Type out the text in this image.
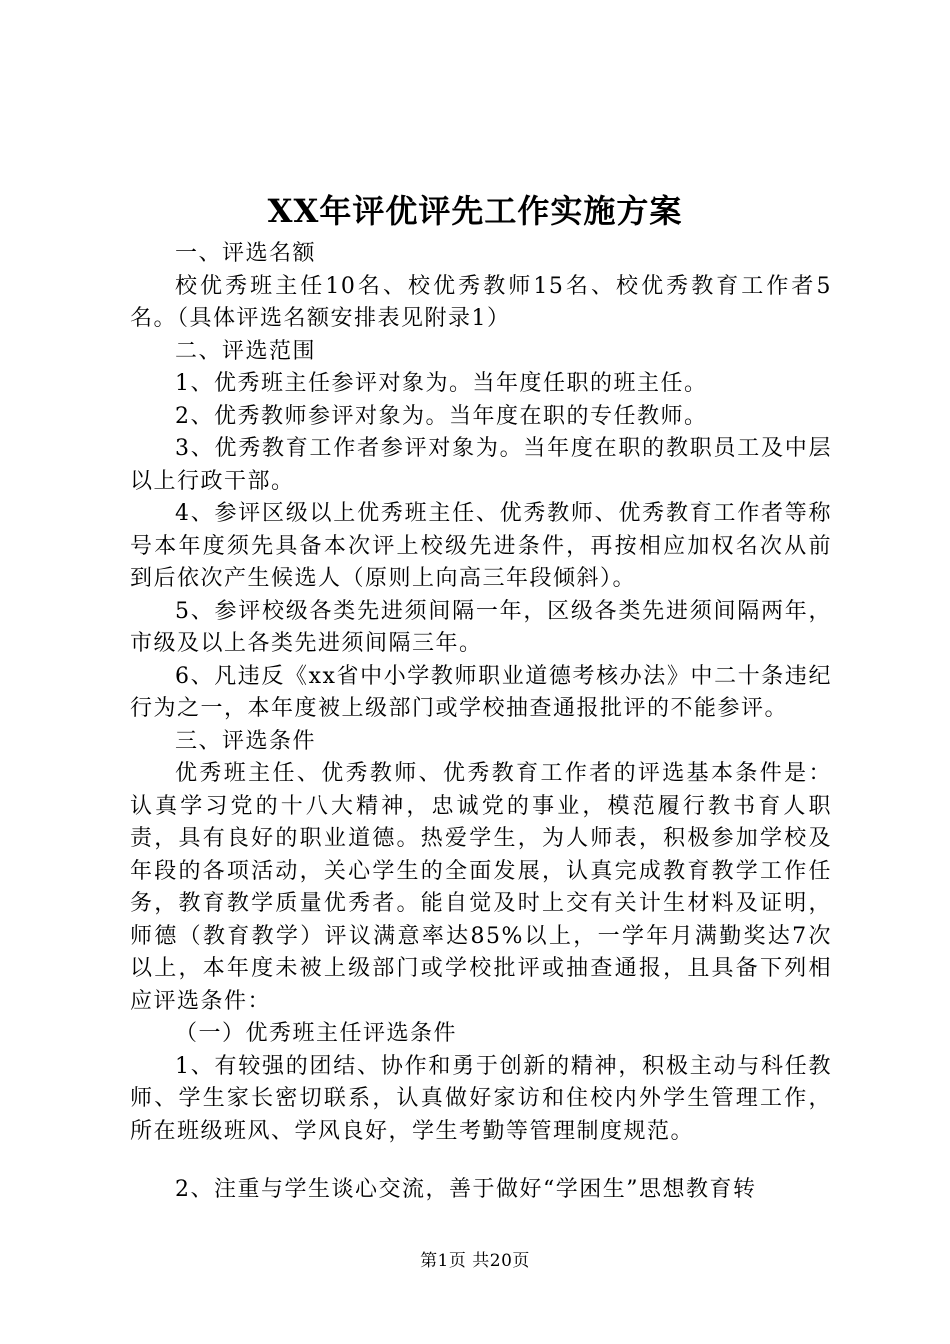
XX年评优评先工作实施方案

一、评选名额

校优秀班主任10名、校优秀教师15名、校优秀教育工作者5名。（具体评选名额安排表见附录1）

二、评选范围

1、优秀班主任参评对象为。当年度任职的班主任。

2、优秀教师参评对象为。当年度在职的专任教师。

3、优秀教育工作者参评对象为。当年度在职的教职员工及中层以上行政干部。

4、参评区级以上优秀班主任、优秀教师、优秀教育工作者等称号本年度须先具备本次评上校级先进条件，再按相应加权名次从前到后依次产生候选人（原则上向高三年段倾斜）。

5、参评校级各类先进须间隔一年，区级各类先进须间隔两年，市级及以上各类先进须间隔三年。

6、凡违反《xx省中小学教师职业道德考核办法》中二十条违纪行为之一，本年度被上级部门或学校抽查通报批评的不能参评。

三、评选条件

优秀班主任、优秀教师、优秀教育工作者的评选基本条件是：认真学习党的十八大精神，忠诚党的事业，模范履行教书育人职责，具有良好的职业道德。热爱学生，为人师表，积极参加学校及年段的各项活动，关心学生的全面发展，认真完成教育教学工作任务，教育教学质量优秀者。能自觉及时上交有关计生材料及证明，师德（教育教学）评议满意率达85%以上，一学年月满勤奖达7次以上，本年度未被上级部门或学校批评或抽查通报，且具备下列相应评选条件：

（一）优秀班主任评选条件

1、有较强的团结、协作和勇于创新的精神，积极主动与科任教师、学生家长密切联系，认真做好家访和住校内外学生管理工作，所在班级班风、学风良好，学生考勤等管理制度规范。

2、注重与学生谈心交流，善于做好“学困生”思想教育转

第1页 共20页
